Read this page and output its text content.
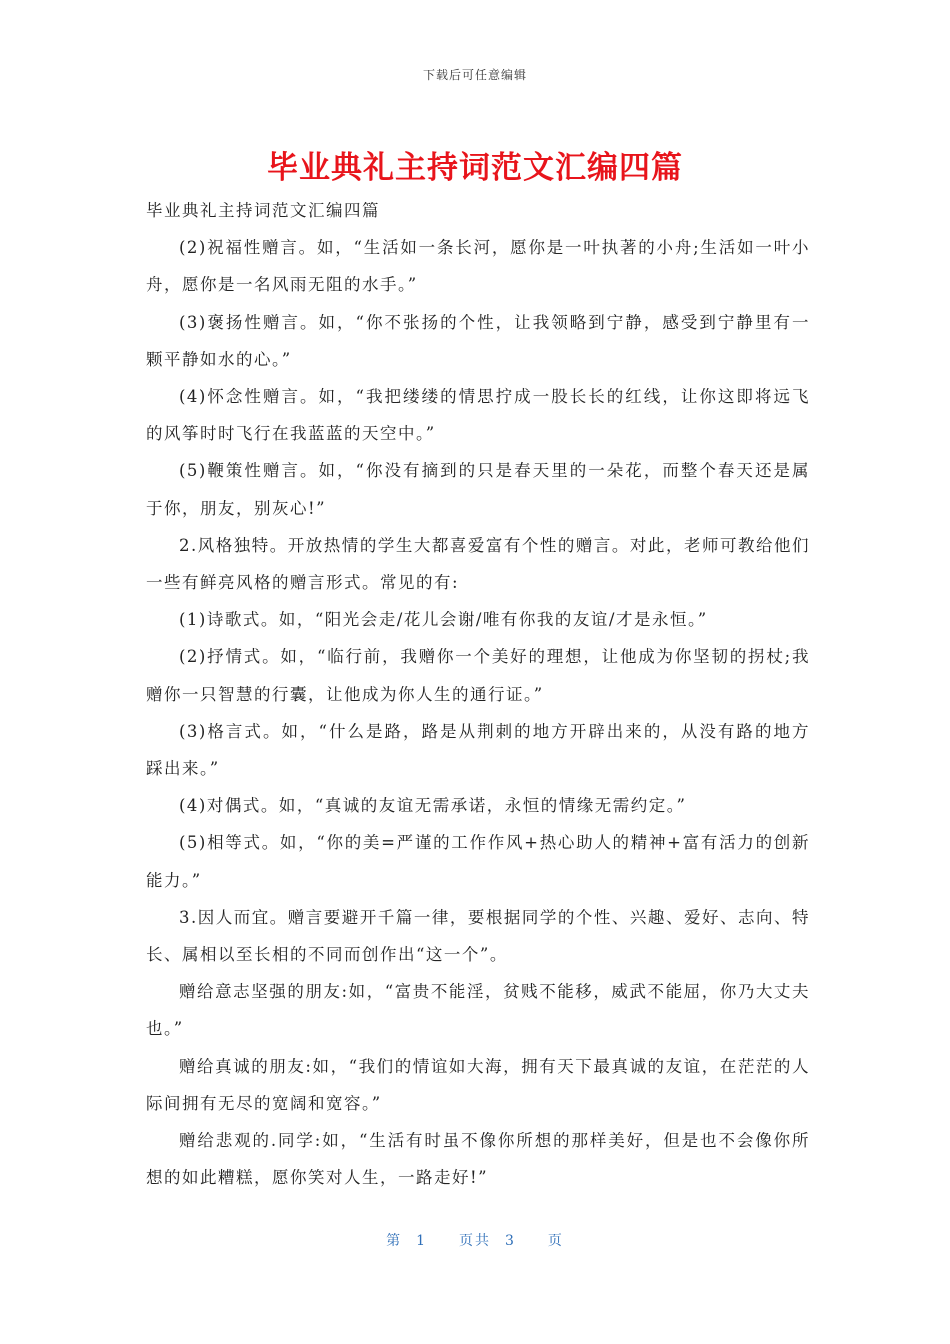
下载后可任意编辑
毕业典礼主持词范文汇编四篇

毕业典礼主持词范文汇编四篇

(2)祝福性赠言。如，“生活如一条长河，愿你是一叶执著的小舟;生活如一叶小舟，愿你是一名风雨无阻的水手。”

(3)褒扬性赠言。如，“你不张扬的个性，让我领略到宁静，感受到宁静里有一颗平静如水的心。”

(4)怀念性赠言。如，“我把缕缕的情思拧成一股长长的红线，让你这即将远飞的风筝时时飞行在我蓝蓝的天空中。”

(5)鞭策性赠言。如，“你没有摘到的只是春天里的一朵花，而整个春天还是属于你，朋友，别灰心!”

2.风格独特。开放热情的学生大都喜爱富有个性的赠言。对此，老师可教给他们一些有鲜亮风格的赠言形式。常见的有:

(1)诗歌式。如，“阳光会走/花儿会谢/唯有你我的友谊/才是永恒。”

(2)抒情式。如，“临行前，我赠你一个美好的理想，让他成为你坚韧的拐杖;我赠你一只智慧的行囊，让他成为你人生的通行证。”

(3)格言式。如，“什么是路，路是从荆刺的地方开辟出来的，从没有路的地方踩出来。”

(4)对偶式。如，“真诚的友谊无需承诺，永恒的情缘无需约定。”

(5)相等式。如，“你的美=严谨的工作作风+热心助人的精神+富有活力的创新能力。”

3.因人而宜。赠言要避开千篇一律，要根据同学的个性、兴趣、爱好、志向、特长、属相以至长相的不同而创作出“这一个”。

赠给意志坚强的朋友:如，“富贵不能淫，贫贱不能移，威武不能屈，你乃大丈夫也。”

赠给真诚的朋友:如，“我们的情谊如大海，拥有天下最真诚的友谊，在茫茫的人际间拥有无尽的宽阔和宽容。”

赠给悲观的.同学:如，“生活有时虽不像你所想的那样美好，但是也不会像你所想的如此糟糕，愿你笑对人生，一路走好!”

第 1 页共 3 页
